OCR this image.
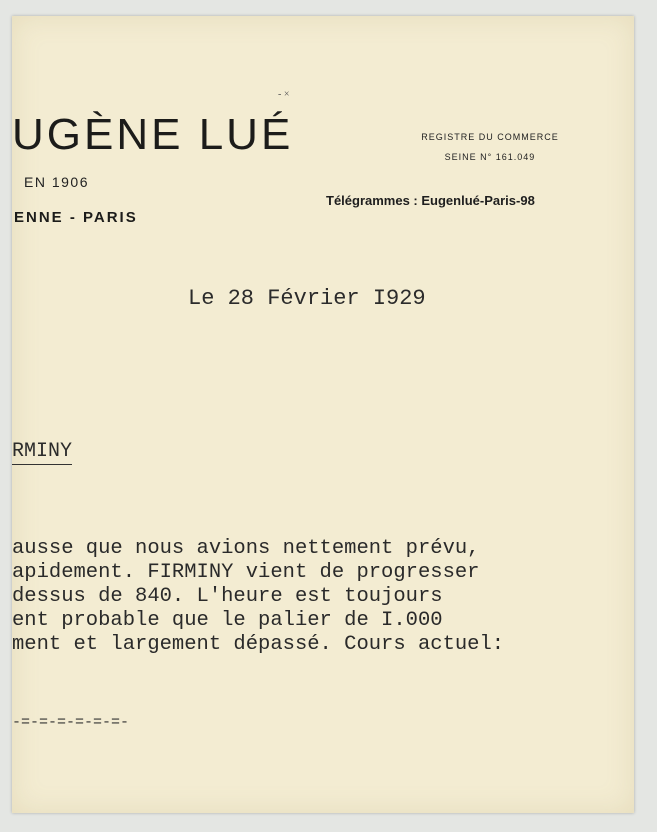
- ×
UGÈNE LUÉ
EN 1906
ENNE - PARIS
REGISTRE DU COMMERCE
SEINE N° 161.049
Télégrammes : Eugenlué-Paris-98
Le 28 Février I929
RMINY
ausse que nous avions nettement prévu,
apidement. FIRMINY vient de progresser
dessus de 840. L'heure est toujours
ent probable que le palier de I.000
ment et largement dépassé. Cours actuel:
-=-=-=-=-=-=-
